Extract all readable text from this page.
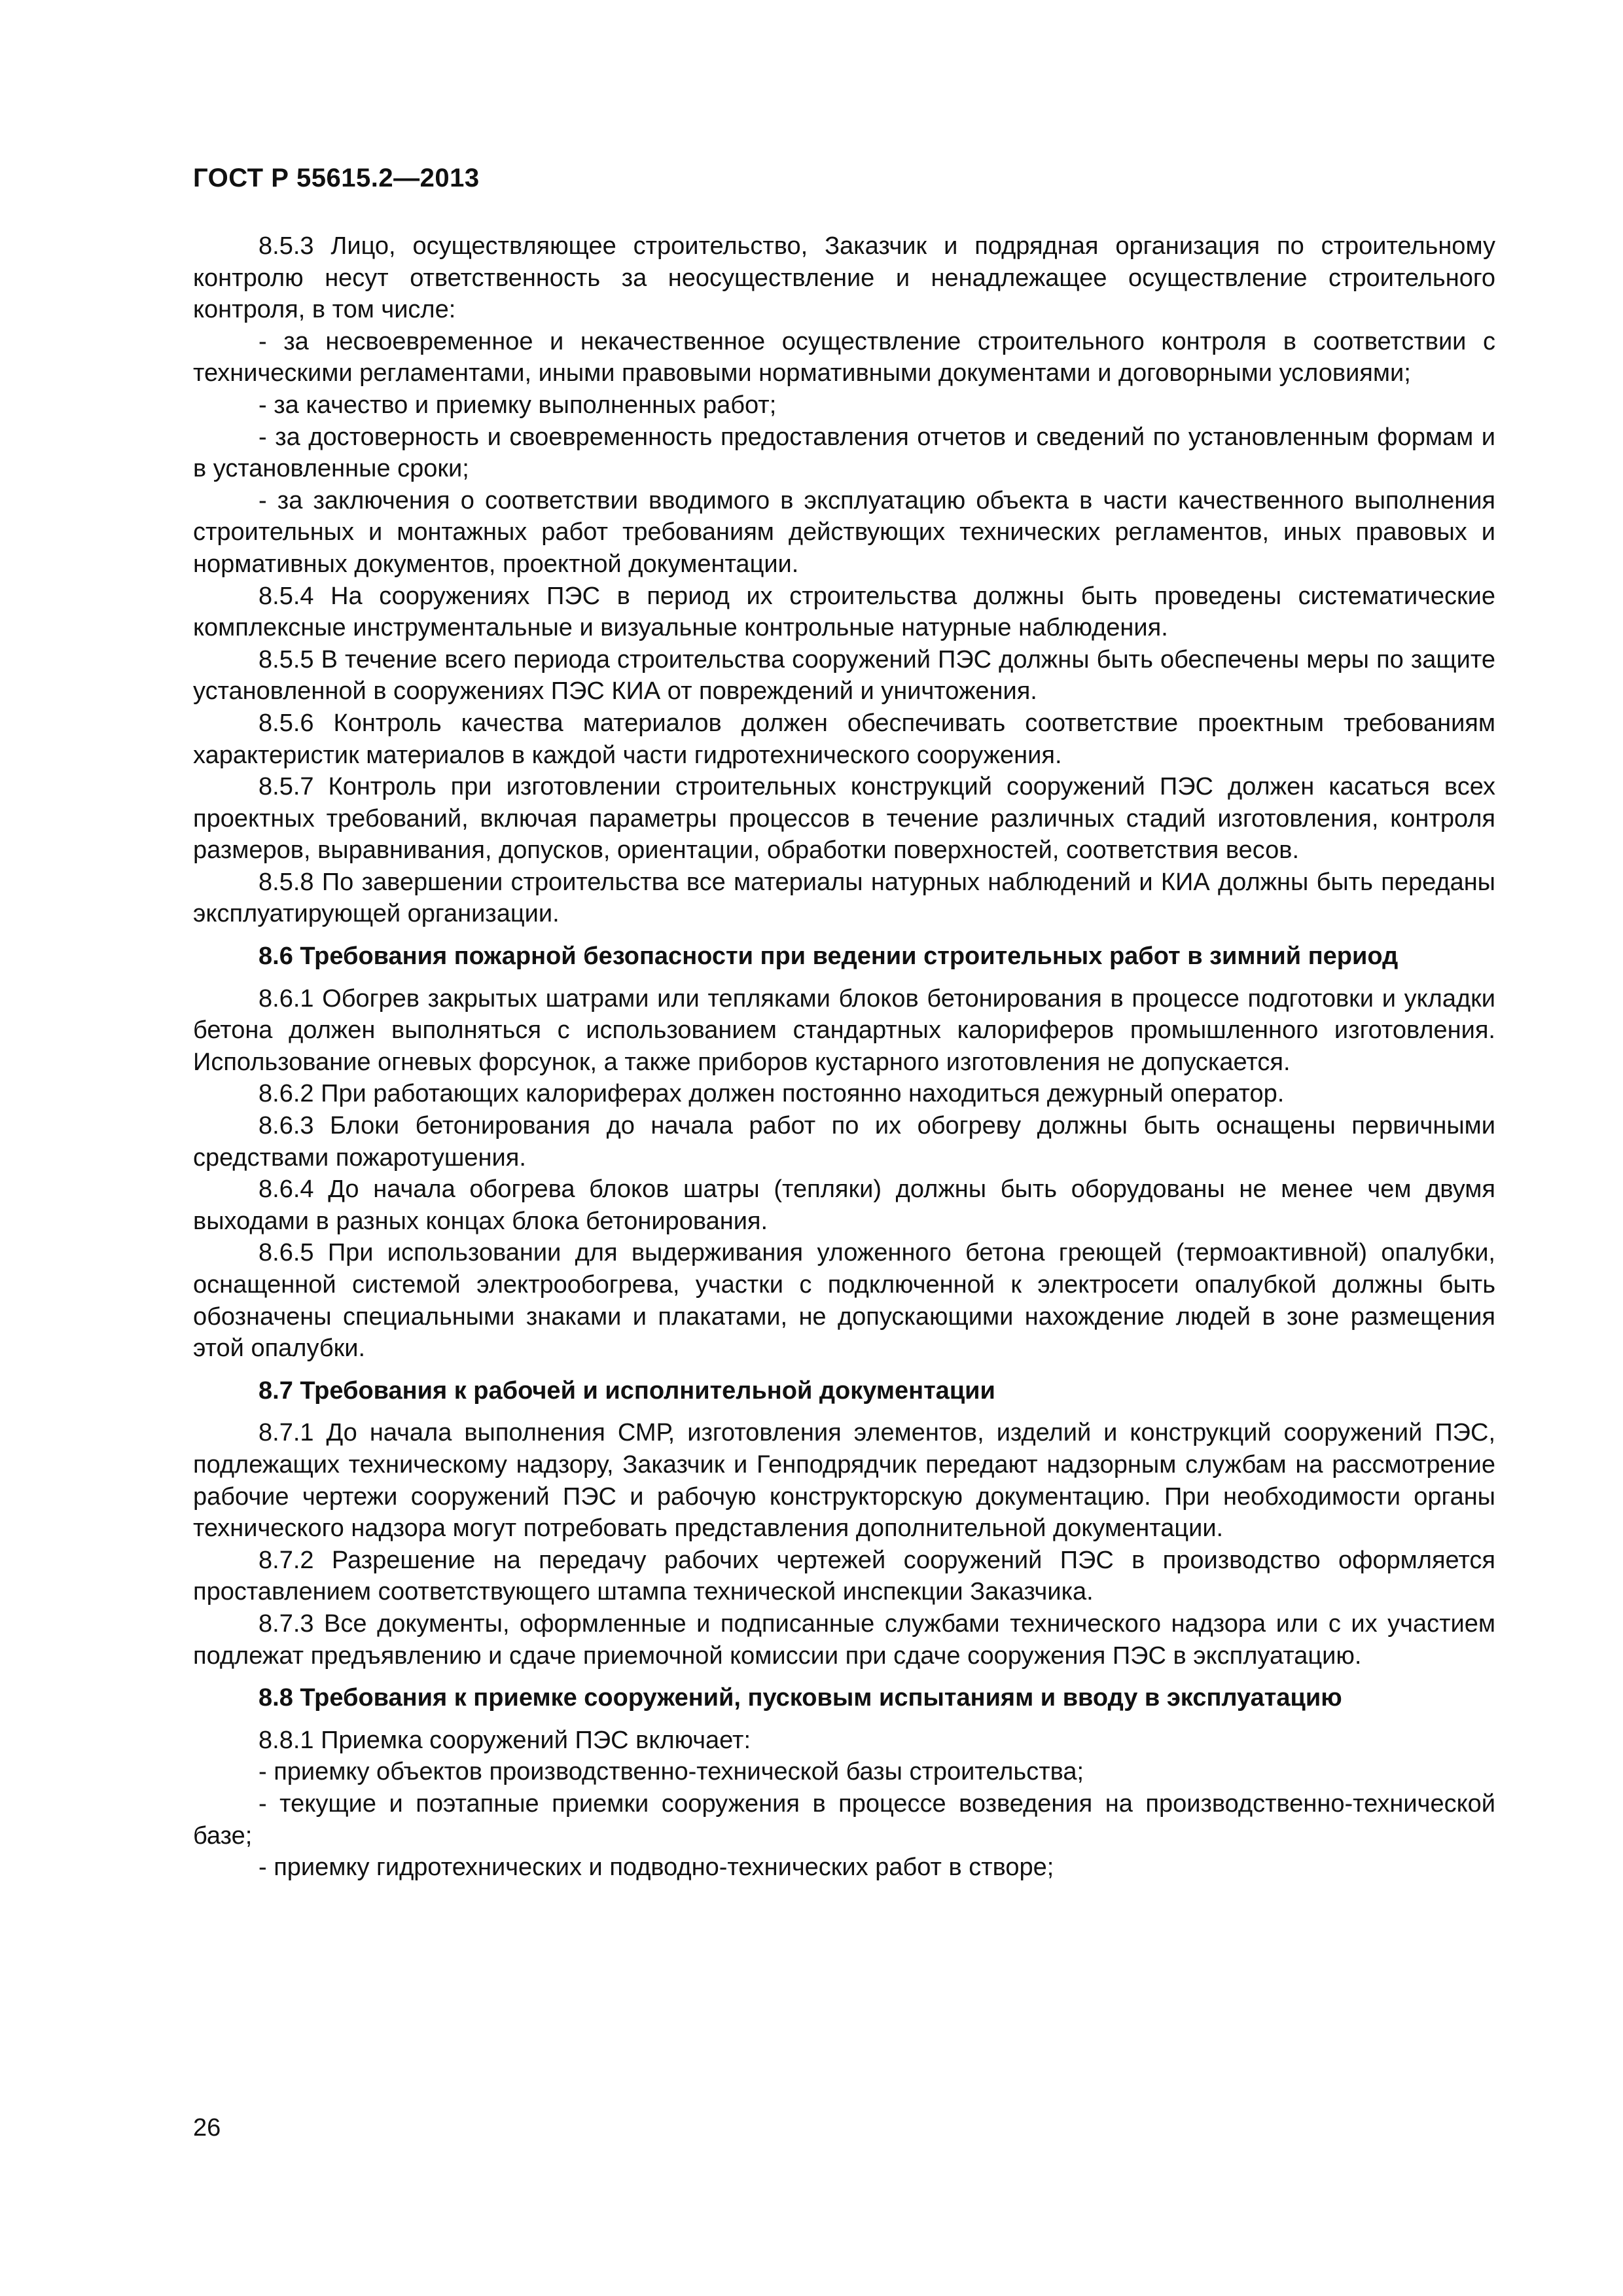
ГОСТ Р 55615.2—2013

8.5.3 Лицо, осуществляющее строительство, Заказчик и подрядная организация по строительному контролю несут ответственность за неосуществление и ненадлежащее осуществление строительного контроля, в том числе:

- за несвоевременное и некачественное осуществление строительного контроля в соответствии с техническими регламентами, иными правовыми нормативными документами и договорными условиями;

- за качество и приемку выполненных работ;

- за достоверность и своевременность предоставления отчетов и сведений по установленным формам и в установленные сроки;

- за заключения о соответствии вводимого в эксплуатацию объекта в части качественного выполнения строительных и монтажных работ требованиям действующих технических регламентов, иных правовых и нормативных документов, проектной документации.

8.5.4 На сооружениях ПЭС в период их строительства должны быть проведены систематические комплексные инструментальные и визуальные контрольные натурные наблюдения.

8.5.5 В течение всего периода строительства сооружений ПЭС должны быть обеспечены меры по защите установленной в сооружениях ПЭС КИА от повреждений и уничтожения.

8.5.6 Контроль качества материалов должен обеспечивать соответствие проектным требованиям характеристик материалов в каждой части гидротехнического сооружения.

8.5.7 Контроль при изготовлении строительных конструкций сооружений ПЭС должен касаться всех проектных требований, включая параметры процессов в течение различных стадий изготовления, контроля размеров, выравнивания, допусков, ориентации, обработки поверхностей, соответствия весов.

8.5.8 По завершении строительства все материалы натурных наблюдений и КИА должны быть переданы эксплуатирующей организации.

8.6 Требования пожарной безопасности при ведении строительных работ в зимний период

8.6.1 Обогрев закрытых шатрами или тепляками блоков бетонирования в процессе подготовки и укладки бетона должен выполняться с использованием стандартных калориферов промышленного изготовления. Использование огневых форсунок, а также приборов кустарного изготовления не допускается.

8.6.2 При работающих калориферах должен постоянно находиться дежурный оператор.

8.6.3 Блоки бетонирования до начала работ по их обогреву должны быть оснащены первичными средствами пожаротушения.

8.6.4 До начала обогрева блоков шатры (тепляки) должны быть оборудованы не менее чем двумя выходами в разных концах блока бетонирования.

8.6.5 При использовании для выдерживания уложенного бетона греющей (термоактивной) опалубки, оснащенной системой электрообогрева, участки с подключенной к электросети опалубкой должны быть обозначены специальными знаками и плакатами, не допускающими нахождение людей в зоне размещения этой опалубки.

8.7 Требования к рабочей и исполнительной документации

8.7.1 До начала выполнения СМР, изготовления элементов, изделий и конструкций сооружений ПЭС, подлежащих техническому надзору, Заказчик и Генподрядчик передают надзорным службам на рассмотрение рабочие чертежи сооружений ПЭС и рабочую конструкторскую документацию. При необходимости органы технического надзора могут потребовать представления дополнительной документации.

8.7.2 Разрешение на передачу рабочих чертежей сооружений ПЭС в производство оформляется проставлением соответствующего штампа технической инспекции Заказчика.

8.7.3 Все документы, оформленные и подписанные службами технического надзора или с их участием подлежат предъявлению и сдаче приемочной комиссии при сдаче сооружения ПЭС в эксплуатацию.

8.8 Требования к приемке сооружений, пусковым испытаниям и вводу в эксплуатацию

8.8.1 Приемка сооружений ПЭС включает:

- приемку объектов производственно-технической базы строительства;

- текущие и поэтапные приемки сооружения в процессе возведения на производственно-технической базе;

- приемку гидротехнических и подводно-технических работ в створе;

26
